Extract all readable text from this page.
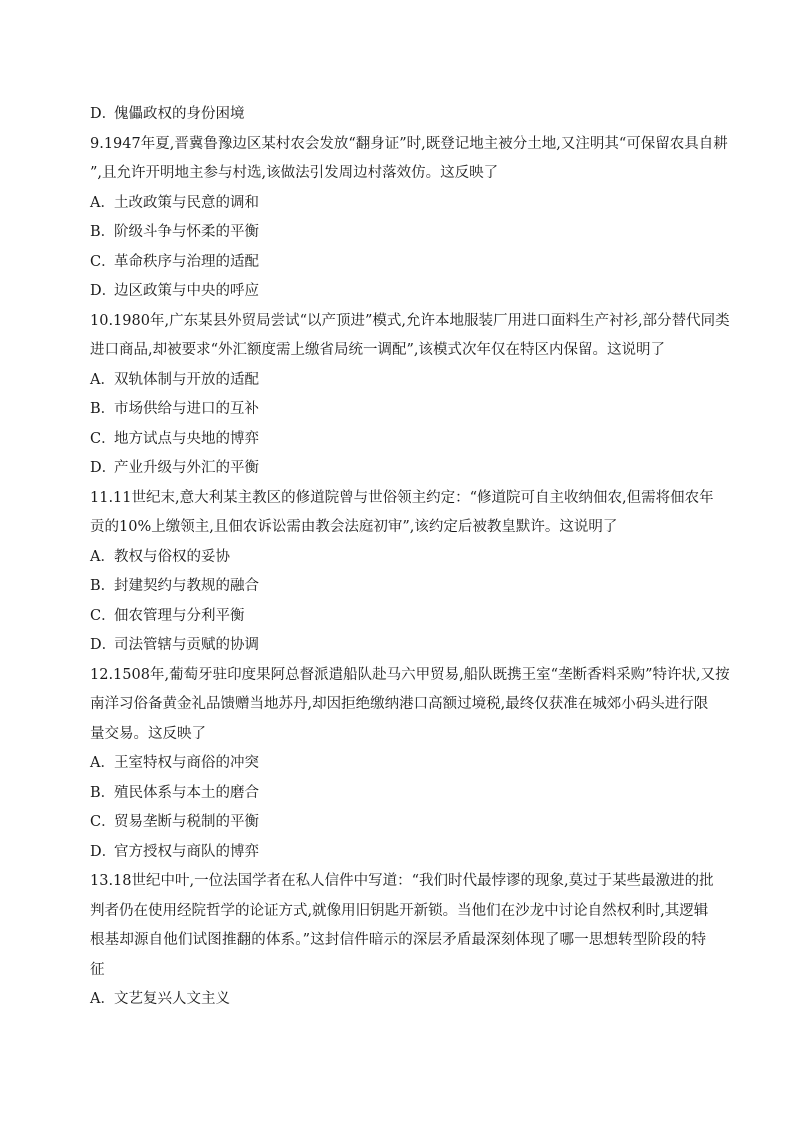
D．傀儡政权的身份困境

9.1947年夏,晋冀鲁豫边区某村农会发放“翻身证”时,既登记地主被分土地,又注明其“可保留农具自耕
”,且允许开明地主参与村选,该做法引发周边村落效仿。这反映了

A．土改政策与民意的调和

B．阶级斗争与怀柔的平衡

C．革命秩序与治理的适配

D．边区政策与中央的呼应

10.1980年,广东某县外贸局尝试“以产顶进”模式,允许本地服装厂用进口面料生产衬衫,部分替代同类
进口商品,却被要求“外汇额度需上缴省局统一调配”,该模式次年仅在特区内保留。这说明了

A．双轨体制与开放的适配

B．市场供给与进口的互补

C．地方试点与央地的博弈

D．产业升级与外汇的平衡

11.11世纪末,意大利某主教区的修道院曾与世俗领主约定：“修道院可自主收纳佃农,但需将佃农年
贡的10%上缴领主,且佃农诉讼需由教会法庭初审”,该约定后被教皇默许。这说明了

A．教权与俗权的妥协

B．封建契约与教规的融合

C．佃农管理与分利平衡

D．司法管辖与贡赋的协调

12.1508年,葡萄牙驻印度果阿总督派遣船队赴马六甲贸易,船队既携王室“垄断香料采购”特许状,又按
南洋习俗备黄金礼品馈赠当地苏丹,却因拒绝缴纳港口高额过境税,最终仅获准在城郊小码头进行限
量交易。这反映了

A．王室特权与商俗的冲突

B．殖民体系与本土的磨合

C．贸易垄断与税制的平衡

D．官方授权与商队的博弈

13.18世纪中叶,一位法国学者在私人信件中写道：“我们时代最悖谬的现象,莫过于某些最激进的批
判者仍在使用经院哲学的论证方式,就像用旧钥匙开新锁。当他们在沙龙中讨论自然权利时,其逻辑
根基却源自他们试图推翻的体系。”这封信件暗示的深层矛盾最深刻体现了哪一思想转型阶段的特
征

A．文艺复兴人文主义
